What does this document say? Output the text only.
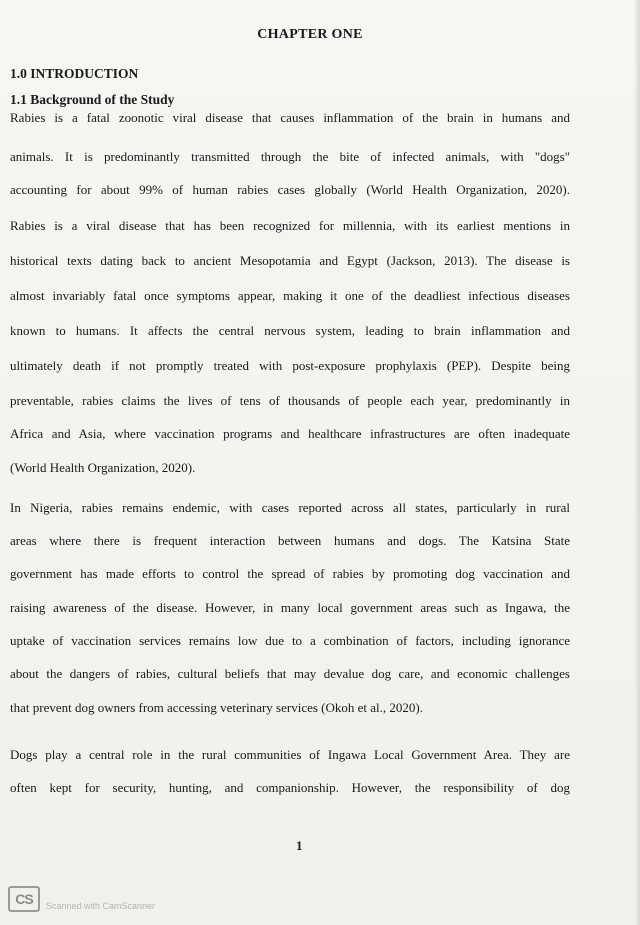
CHAPTER ONE
1.0 INTRODUCTION
1.1 Background of the Study
Rabies is a fatal zoonotic viral disease that causes inflammation of the brain in humans and
animals. It is predominantly transmitted through the bite of infected animals, with "dogs"
accounting for about 99% of human rabies cases globally (World Health Organization, 2020).
Rabies is a viral disease that has been recognized for millennia, with its earliest mentions in
historical texts dating back to ancient Mesopotamia and Egypt (Jackson, 2013). The disease is
almost invariably fatal once symptoms appear, making it one of the deadliest infectious diseases
known to humans. It affects the central nervous system, leading to brain inflammation and
ultimately death if not promptly treated with post-exposure prophylaxis (PEP). Despite being
preventable, rabies claims the lives of tens of thousands of people each year, predominantly in
Africa and Asia, where vaccination programs and healthcare infrastructures are often inadequate
(World Health Organization, 2020).
In Nigeria, rabies remains endemic, with cases reported across all states, particularly in rural
areas where there is frequent interaction between humans and dogs. The Katsina State
government has made efforts to control the spread of rabies by promoting dog vaccination and
raising awareness of the disease. However, in many local government areas such as Ingawa, the
uptake of vaccination services remains low due to a combination of factors, including ignorance
about the dangers of rabies, cultural beliefs that may devalue dog care, and economic challenges
that prevent dog owners from accessing veterinary services (Okoh et al., 2020).
Dogs play a central role in the rural communities of Ingawa Local Government Area. They are
often kept for security, hunting, and companionship. However, the responsibility of dog
1
CS	Scanned with CamScanner
